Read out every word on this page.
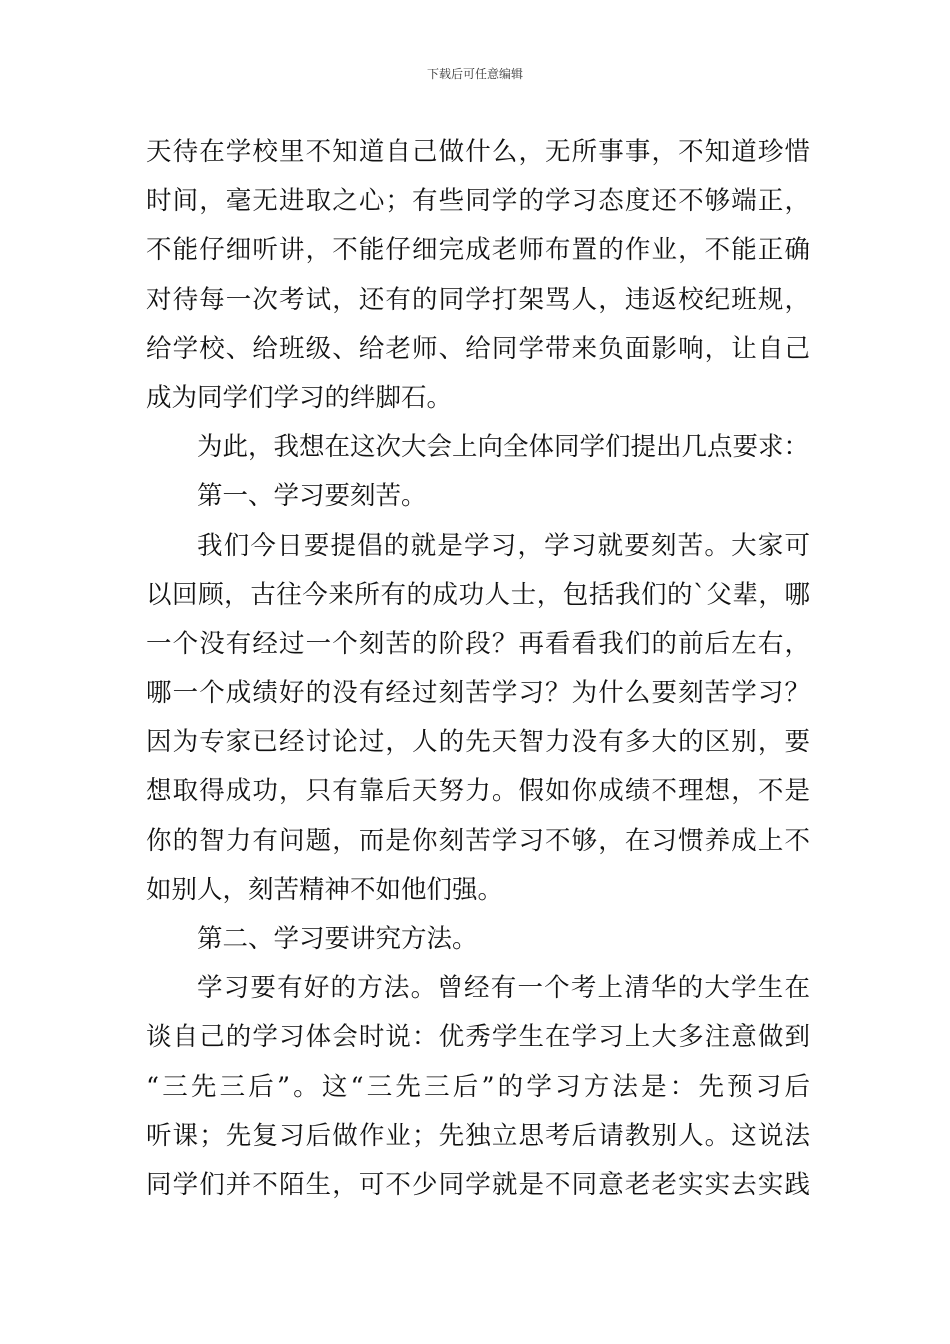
下载后可任意编辑
天待在学校里不知道自己做什么，无所事事，不知道珍惜
时间，毫无进取之心；有些同学的学习态度还不够端正，
不能仔细听讲，不能仔细完成老师布置的作业，不能正确
对待每一次考试，还有的同学打架骂人，违返校纪班规，
给学校、给班级、给老师、给同学带来负面影响，让自己
成为同学们学习的绊脚石。
为此，我想在这次大会上向全体同学们提出几点要求：
第一、学习要刻苦。
我们今日要提倡的就是学习，学习就要刻苦。大家可
以回顾，古往今来所有的成功人士，包括我们的`父辈，哪
一个没有经过一个刻苦的阶段？再看看我们的前后左右，
哪一个成绩好的没有经过刻苦学习？为什么要刻苦学习？
因为专家已经讨论过，人的先天智力没有多大的区别，要
想取得成功，只有靠后天努力。假如你成绩不理想，不是
你的智力有问题，而是你刻苦学习不够，在习惯养成上不
如别人，刻苦精神不如他们强。
第二、学习要讲究方法。
学习要有好的方法。曾经有一个考上清华的大学生在
谈自己的学习体会时说：优秀学生在学习上大多注意做到
“三先三后”。这“三先三后”的学习方法是：先预习后
听课；先复习后做作业；先独立思考后请教别人。这说法
同学们并不陌生，可不少同学就是不同意老老实实去实践
